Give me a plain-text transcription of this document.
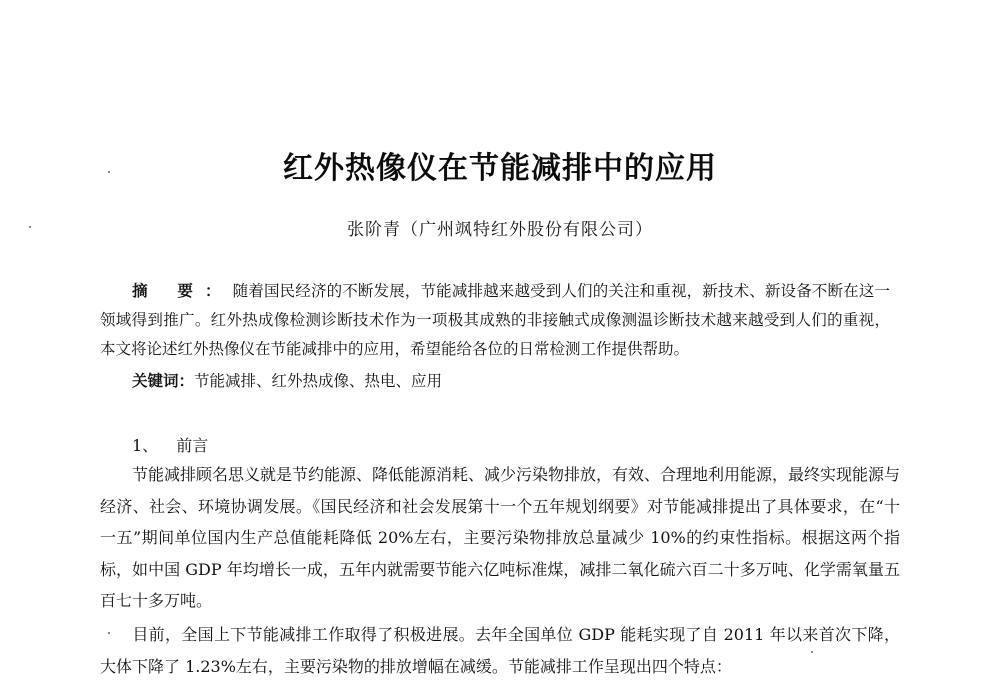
红外热像仪在节能减排中的应用
张阶青（广州飒特红外股份有限公司）
摘 要：随着国民经济的不断发展，节能减排越来越受到人们的关注和重视，新技术、新设备不断在这一领域得到推广。红外热成像检测诊断技术作为一项极其成熟的非接触式成像测温诊断技术越来越受到人们的重视，本文将论述红外热像仪在节能减排中的应用，希望能给各位的日常检测工作提供帮助。
关键词：节能减排、红外热成像、热电、应用
1、 前言
节能减排顾名思义就是节约能源、降低能源消耗、减少污染物排放，有效、合理地利用能源，最终实现能源与经济、社会、环境协调发展。《国民经济和社会发展第十一个五年规划纲要》对节能减排提出了具体要求，在“十一五”期间单位国内生产总值能耗降低 20%左右，主要污染物排放总量减少 10%的约束性指标。根据这两个指标，如中国 GDP 年均增长一成，五年内就需要节能六亿吨标准煤，减排二氧化硫六百二十多万吨、化学需氧量五百七十多万吨。
目前，全国上下节能减排工作取得了积极进展。去年全国单位 GDP 能耗实现了自 2011 年以来首次下降，大体下降了 1.23%左右，主要污染物的排放增幅在减缓。节能减排工作呈现出四个特点：
